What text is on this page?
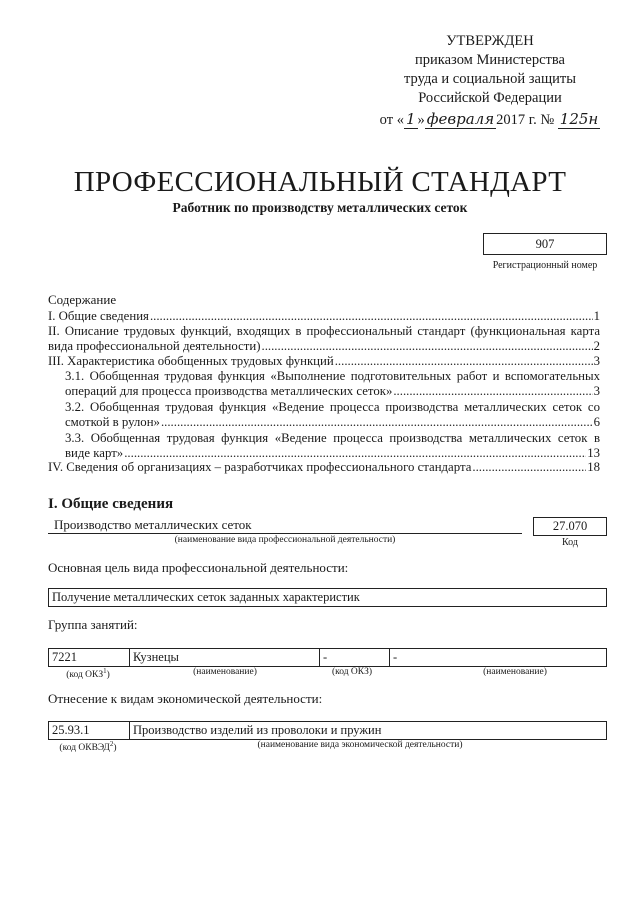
УТВЕРЖДЕН
приказом Министерства
труда и социальной защиты
Российской Федерации
от « 1 » февраля 2017 г. № 125н
ПРОФЕССИОНАЛЬНЫЙ СТАНДАРТ
Работник по производству металлических сеток
907
Регистрационный номер
Содержание
I. Общие сведения .....	1
II. Описание трудовых функций, входящих в профессиональный стандарт (функциональная карта
вида профессиональной деятельности) .....	2
III. Характеристика обобщенных трудовых функций .....	3
3.1. Обобщенная трудовая функция «Выполнение подготовительных работ и вспомогательных
операций для процесса производства металлических сеток» .....	3
3.2. Обобщенная трудовая функция «Ведение процесса производства металлических сеток со
смоткой в рулон» .....	6
3.3. Обобщенная трудовая функция «Ведение процесса производства металлических сеток в
виде карт» .....	13
IV. Сведения об организациях – разработчиках профессионального стандарта .....	18
I. Общие сведения
Производство металлических сеток
(наименование вида профессиональной деятельности)
27.070
Код
Основная цель вида профессиональной деятельности:
Получение металлических сеток заданных характеристик
Группа занятий:
7221	Кузнецы	-	-
(код ОКЗ$^1$)	(наименование)	(код ОКЗ)	(наименование)
Отнесение к видам экономической деятельности:
25.93.1	Производство изделий из проволоки и пружин
(код ОКВЭД$^2$)	(наименование вида экономической деятельности)
